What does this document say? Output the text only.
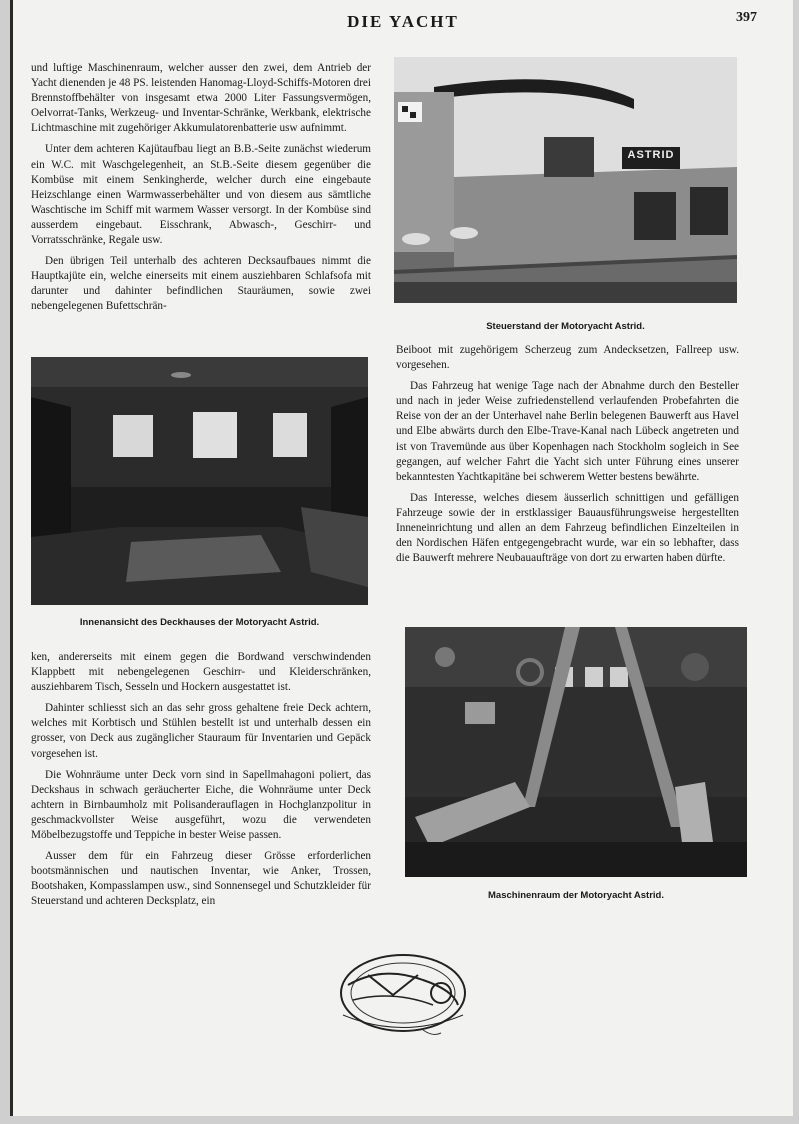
DIE YACHT	397

und luftige Maschinenraum, welcher ausser den zwei, dem Antrieb der Yacht dienenden je 48 PS. leistenden Hanomag-Lloyd-Schiffs-Motoren drei Brennstoffbehälter von insgesamt etwa 2000 Liter Fassungsvermögen, Oelvorrat-Tanks, Werkzeug- und Inventar-Schränke, Werkbank, elektrische Lichtmaschine mit zugehöriger Akkumulatorenbatterie usw aufnimmt.

Unter dem achteren Kajütaufbau liegt an B.B.-Seite zunächst wiederum ein W.C. mit Waschgelegenheit, an St.B.-Seite diesem gegenüber die Kombüse mit einem Senkingherde, welcher durch eine eingebaute Heizschlange einen Warmwasserbehälter und von diesem aus sämtliche Waschtische im Schiff mit warmem Wasser versorgt. In der Kombüse sind ausserdem eingebaut. Eisschrank, Abwasch-, Geschirr- und Vorratsschränke, Regale usw.

Den übrigen Teil unterhalb des achteren Decksaufbaues nimmt die Hauptkajüte ein, welche einerseits mit einem ausziehbaren Schlafsofa mit darunter und dahinter befindlichen Stauräumen, sowie zwei nebengelegenen Bufettschrän-

Innenansicht des Deckhauses der Motoryacht Astrid.

ken, andererseits mit einem gegen die Bordwand verschwindenden Klappbett mit nebengelegenen Geschirr- und Kleiderschränken, ausziehbarem Tisch, Sesseln und Hockern ausgestattet ist.

Dahinter schliesst sich an das sehr gross gehaltene freie Deck achtern, welches mit Korbtisch und Stühlen bestellt ist und unterhalb dessen ein grosser, von Deck aus zugänglicher Stauraum für Inventarien und Gepäck vorgesehen ist.

Die Wohnräume unter Deck vorn sind in Sapellmahagoni poliert, das Deckshaus in schwach geräucherter Eiche, die Wohnräume unter Deck achtern in Birnbaumholz mit Polisanderauflagen in Hochglanzpolitur in geschmackvollster Weise ausgeführt, wozu die verwendeten Möbelbezugstoffe und Teppiche in bester Weise passen.

Ausser dem für ein Fahrzeug dieser Grösse erforderlichen bootsmännischen und nautischen Inventar, wie Anker, Trossen, Bootshaken, Kompasslampen usw., sind Sonnensegel und Schutzkleider für Steuerstand und achteren Decksplatz, ein

ASTRID
Steuerstand der Motoryacht Astrid.

Beiboot mit zugehörigem Scherzeug zum Andecksetzen, Fallreep usw. vorgesehen.

Das Fahrzeug hat wenige Tage nach der Abnahme durch den Besteller und nach in jeder Weise zufriedenstellend verlaufenden Probefahrten die Reise von der an der Unterhavel nahe Berlin belegenen Bauwerft aus Havel und Elbe abwärts durch den Elbe-Trave-Kanal nach Lübeck angetreten und ist von Travemünde aus über Kopenhagen nach Stockholm sogleich in See gegangen, auf welcher Fahrt die Yacht sich unter Führung eines unserer bekanntesten Yachtkapitäne bei schwerem Wetter bestens bewährte.

Das Interesse, welches diesem äusserlich schnittigen und gefälligen Fahrzeuge sowie der in erstklassiger Bauausführungsweise hergestellten Inneneinrichtung und allen an dem Fahrzeug befindlichen Einzelteilen in den Nordischen Häfen entgegengebracht wurde, war ein so lebhafter, dass die Bauwerft mehrere Neubauaufträge von dort zu erwarten haben dürfte.

Maschinenraum der Motoryacht Astrid.
